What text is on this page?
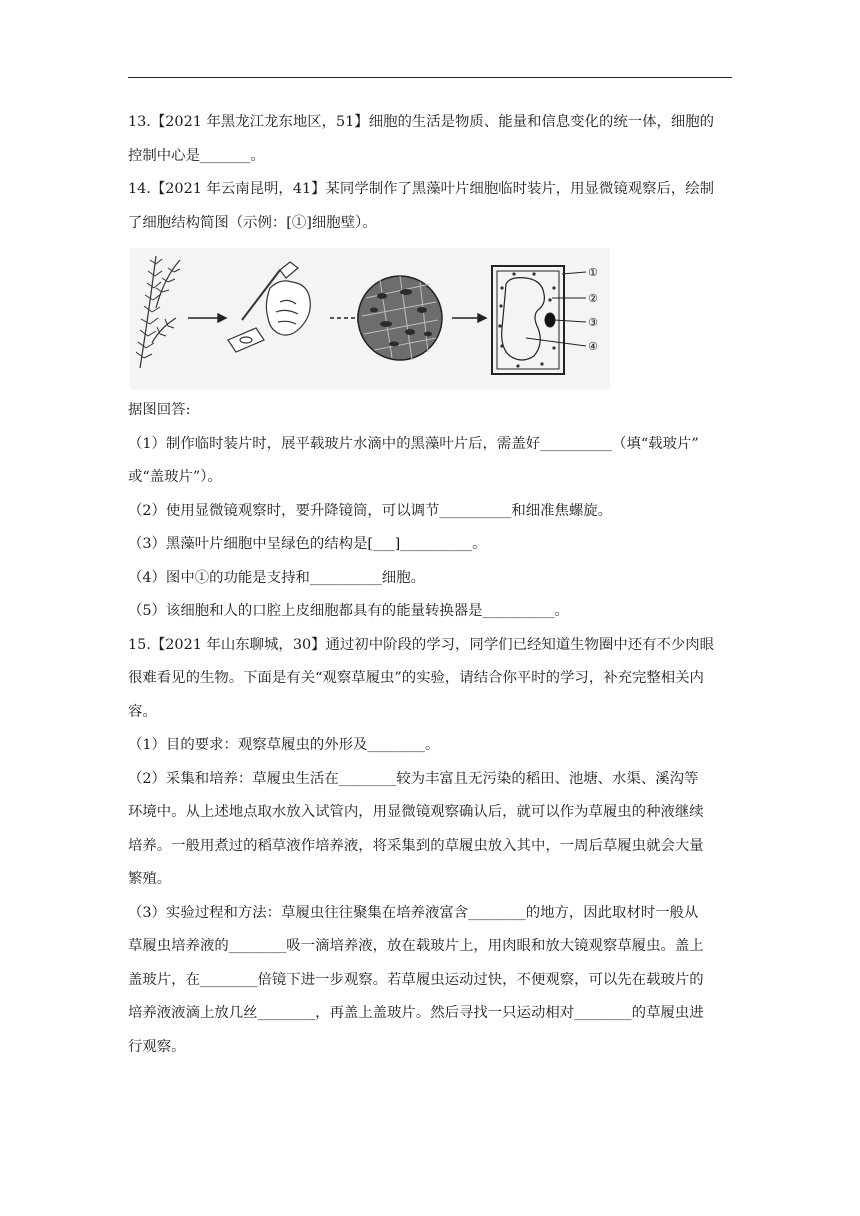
13.【2021 年黑龙江龙东地区，51】细胞的生活是物质、能量和信息变化的统一体，细胞的

控制中心是_______。

14.【2021 年云南昆明，41】某同学制作了黑藻叶片细胞临时装片，用显微镜观察后，绘制

了细胞结构简图（示例：[①]细胞壁）。

①
②
③
④

据图回答:

（1）制作临时装片时，展平载玻片水滴中的黑藻叶片后，需盖好__________（填“载玻片”

或“盖玻片”）。

（2）使用显微镜观察时，要升降镜筒，可以调节__________和细准焦螺旋。

（3）黑藻叶片细胞中呈绿色的结构是[___]__________。

（4）图中①的功能是支持和__________细胞。

（5）该细胞和人的口腔上皮细胞都具有的能量转换器是__________。

15.【2021 年山东聊城，30】通过初中阶段的学习，同学们已经知道生物圈中还有不少肉眼

很难看见的生物。下面是有关“观察草履虫”的实验，请结合你平时的学习，补充完整相关内

容。

（1）目的要求：观察草履虫的外形及________。

（2）采集和培养：草履虫生活在________较为丰富且无污染的稻田、池塘、水渠、溪沟等

环境中。从上述地点取水放入试管内，用显微镜观察确认后，就可以作为草履虫的种液继续

培养。一般用煮过的稻草液作培养液，将采集到的草履虫放入其中，一周后草履虫就会大量

繁殖。

（3）实验过程和方法：草履虫往往聚集在培养液富含________的地方，因此取材时一般从

草履虫培养液的________吸一滴培养液，放在载玻片上，用肉眼和放大镜观察草履虫。盖上

盖玻片，在________倍镜下进一步观察。若草履虫运动过快，不便观察，可以先在载玻片的

培养液液滴上放几丝________，再盖上盖玻片。然后寻找一只运动相对________的草履虫进

行观察。
